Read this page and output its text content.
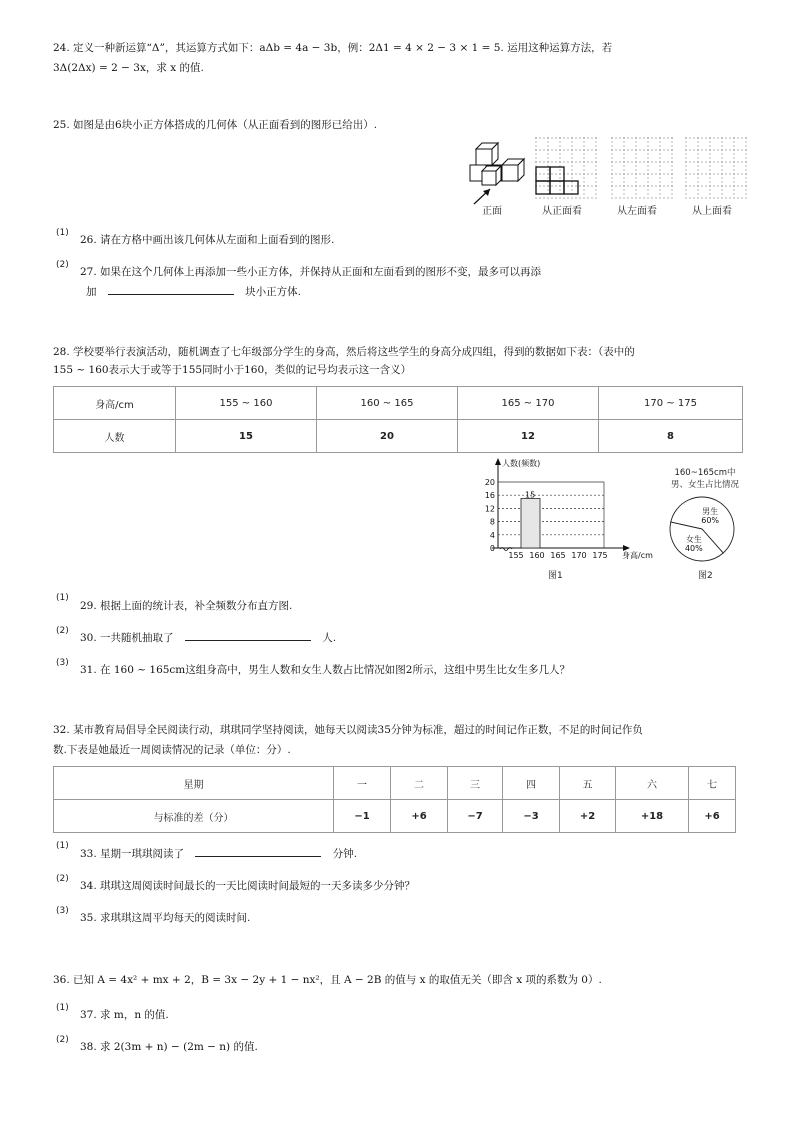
24. 定义一种新运算“Δ”，其运算方式如下：aΔb = 4a − 3b，例：2Δ1 = 4 × 2 − 3 × 1 = 5. 运用这种运算方法，若
3Δ(2Δx) = 2 − 3x，求 x 的值.
25. 如图是由6块小正方体搭成的几何体（从正面看到的图形已给出）.
正面	从正面看	从左面看	从上面看
(1)
26. 请在方格中画出该几何体从左面和上面看到的图形.
(2)
27. 如果在这个几何体上再添加一些小正方体，并保持从正面和左面看到的图形不变，最多可以再添
加	块小正方体.
28. 学校要举行表演活动，随机调查了七年级部分学生的身高，然后将这些学生的身高分成四组，得到的数据如下表：（表中的
155 ~ 160表示大于或等于155同时小于160，类似的记号均表示这一含义）
身高/cm	155 ~ 160	160 ~ 165	165 ~ 170	170 ~ 175
人数	15	20	12	8
15
0
4
8
12
16
20
155 160 165 170 175
人数(频数)
身高/cm
图1
160~165cm中
男、女生占比情况
男生
60%
女生
40%
图2
(1)
29. 根据上面的统计表，补全频数分布直方图.
(2)
30. 一共随机抽取了	人.
(3)
31. 在 160 ~ 165cm这组身高中，男生人数和女生人数占比情况如图2所示，这组中男生比女生多几人？
32. 某市教育局倡导全民阅读行动，琪琪同学坚持阅读，她每天以阅读35分钟为标准，超过的时间记作正数，不足的时间记作负
数.下表是她最近一周阅读情况的记录（单位：分）.
星期	一	二	三	四	五	六	七
与标准的差（分）	−1	+6	−7	−3	+2	+18	+6
(1)
33. 星期一琪琪阅读了	分钟.
(2)
34. 琪琪这周阅读时间最长的一天比阅读时间最短的一天多读多少分钟？
(3)
35. 求琪琪这周平均每天的阅读时间.
36. 已知 A = 4x² + mx + 2，B = 3x − 2y + 1 − nx²，且 A − 2B 的值与 x 的取值无关（即含 x 项的系数为 0）.
(1)
37. 求 m，n 的值.
(2)
38. 求 2(3m + n) − (2m − n) 的值.
